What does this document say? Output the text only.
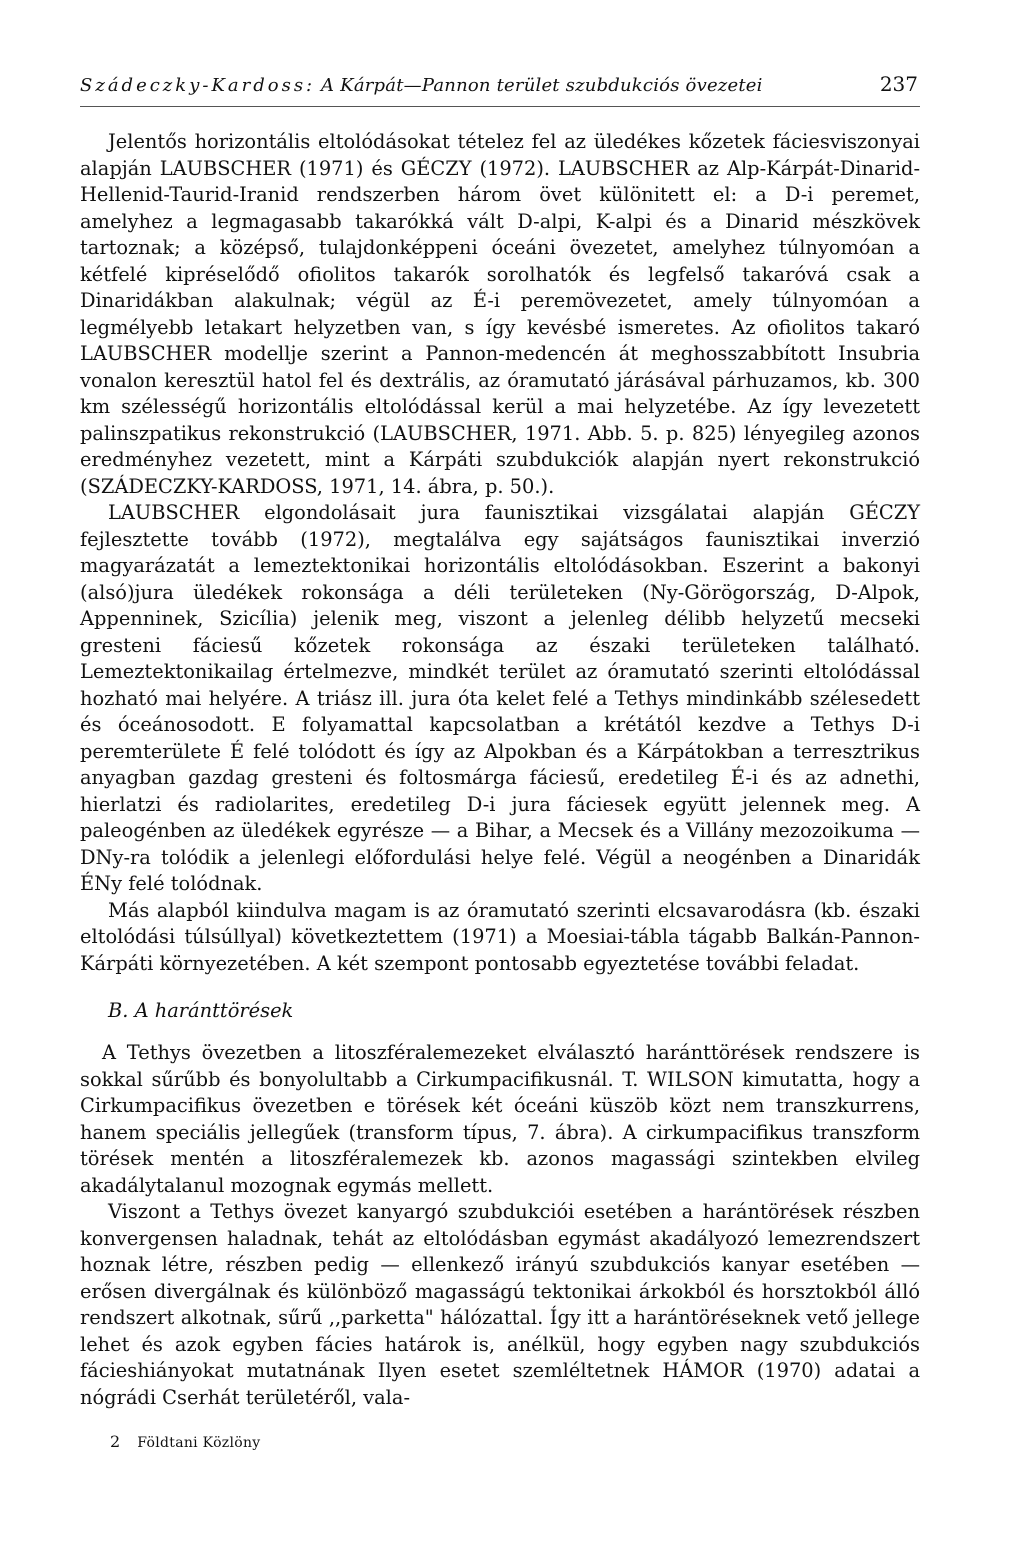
Szádeczky-Kardoss: A Kárpát—Pannon terület szubdukciós övezetei	237

Jelentős horizontális eltolódásokat tételez fel az üledékes kőzetek fáciesviszonyai alapján LAUBSCHER (1971) és GÉCZY (1972). LAUBSCHER az Alp-Kárpát-Dinarid-Hellenid-Taurid-Iranid rendszerben három övet különitett el: a D-i peremet, amelyhez a legmagasabb takarókká vált D-alpi, K-alpi és a Dinarid mészkövek tartoznak; a középső, tulajdonképpeni óceáni övezetet, amelyhez túlnyomóan a kétfelé kipréselődő ofiolitos takarók sorolhatók és legfelső takaróvá csak a Dinaridákban alakulnak; végül az É-i peremövezetet, amely túlnyomóan a legmélyebb letakart helyzetben van, s így kevésbé ismeretes. Az ofiolitos takaró LAUBSCHER modellje szerint a Pannon-medencén át meghosszabbított Insubria vonalon keresztül hatol fel és dextrális, az óramutató járásával párhuzamos, kb. 300 km szélességű horizontális eltolódással kerül a mai helyzetébe. Az így levezetett palinszpatikus rekonstrukció (LAUBSCHER, 1971. Abb. 5. p. 825) lényegileg azonos eredményhez vezetett, mint a Kárpáti szubdukciók alapján nyert rekonstrukció (SZÁDECZKY-KARDOSS, 1971, 14. ábra, p. 50.).

LAUBSCHER elgondolásait jura faunisztikai vizsgálatai alapján GÉCZY fejlesztette tovább (1972), megtalálva egy sajátságos faunisztikai inverzió magyarázatát a lemeztektonikai horizontális eltolódásokban. Eszerint a bakonyi (alsó)jura üledékek rokonsága a déli területeken (Ny-Görögország, D-Alpok, Appenninek, Szicília) jelenik meg, viszont a jelenleg délibb helyzetű mecseki gresteni fáciesű kőzetek rokonsága az északi területeken található. Lemeztektonikailag értelmezve, mindkét terület az óramutató szerinti eltolódással hozható mai helyére. A triász ill. jura óta kelet felé a Tethys mindinkább szélesedett és óceánosodott. E folyamattal kapcsolatban a krétától kezdve a Tethys D-i peremterülete É felé tolódott és így az Alpokban és a Kárpátokban a terresztrikus anyagban gazdag gresteni és foltosmárga fáciesű, eredetileg É-i és az adnethi, hierlatzi és radiolarites, eredetileg D-i jura fáciesek együtt jelennek meg. A paleogénben az üledékek egyrésze — a Bihar, a Mecsek és a Villány mezozoikuma — DNy-ra tolódik a jelenlegi előfordulási helye felé. Végül a neogénben a Dinaridák ÉNy felé tolódnak.

Más alapból kiindulva magam is az óramutató szerinti elcsavarodásra (kb. északi eltolódási túlsúllyal) következtettem (1971) a Moesiai-tábla tágabb Balkán-Pannon-Kárpáti környezetében. A két szempont pontosabb egyeztetése további feladat.

B. A haránttörések

A Tethys övezetben a litoszféralemezeket elválasztó haránttörések rendszere is sokkal sűrűbb és bonyolultabb a Cirkumpacifikusnál. T. WILSON kimutatta, hogy a Cirkumpacifikus övezetben e törések két óceáni küszöb közt nem transzkurrens, hanem speciális jellegűek (transform típus, 7. ábra). A cirkumpacifikus transzform törések mentén a litoszféralemezek kb. azonos magassági szintekben elvileg akadálytalanul mozognak egymás mellett.

Viszont a Tethys övezet kanyargó szubdukciói esetében a harántörések részben konvergensen haladnak, tehát az eltolódásban egymást akadályozó lemezrendszert hoznak létre, részben pedig — ellenkező irányú szubdukciós kanyar esetében — erősen divergálnak és különböző magasságú tektonikai árkokból és horsztokból álló rendszert alkotnak, sűrű ,,parketta" hálózattal. Így itt a harántöréseknek vető jellege lehet és azok egyben fácies határok is, anélkül, hogy egyben nagy szubdukciós fácieshiányokat mutatnának Ilyen esetet szemléltetnek HÁMOR (1970) adatai a nógrádi Cserhát területéről, vala-

2 Földtani Közlöny
